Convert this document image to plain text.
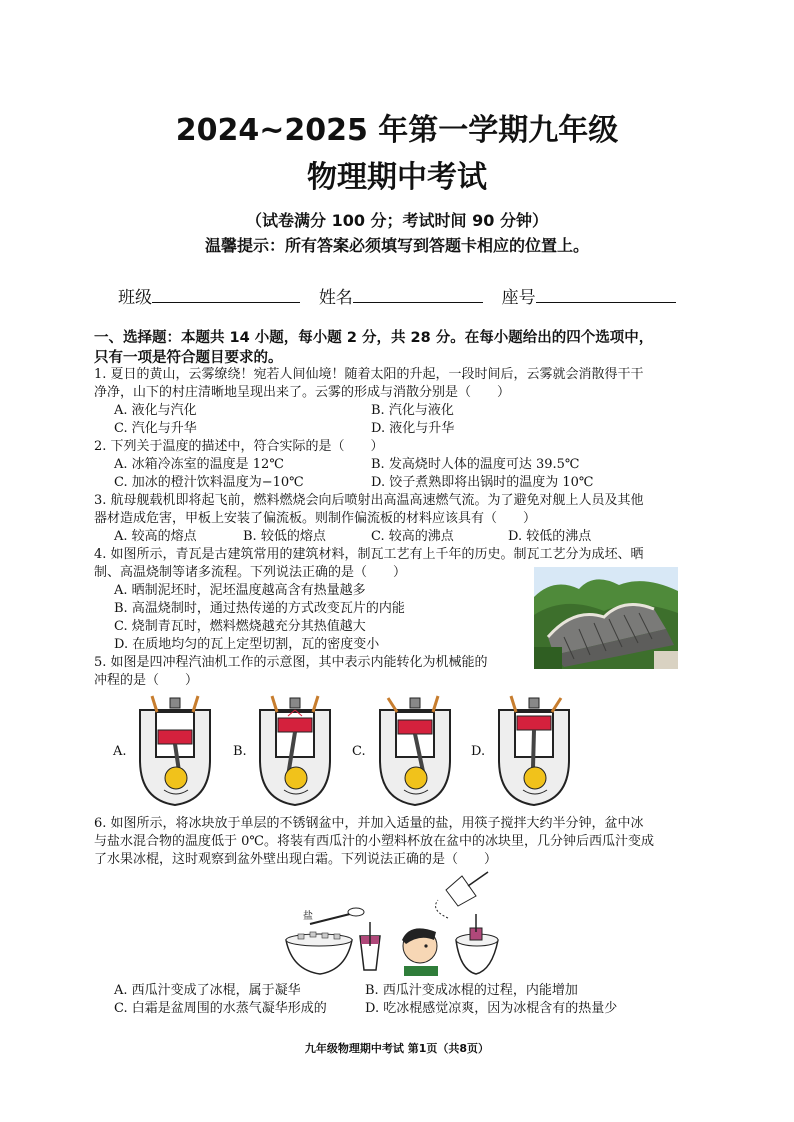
2024~2025 年第一学期九年级
物理期中考试
（试卷满分 100 分；考试时间 90 分钟）
温馨提示：所有答案必须填写到答题卡相应的位置上。
班级	姓名	座号
一、选择题：本题共 14 小题，每小题 2 分，共 28 分。在每小题给出的四个选项中，
只有一项是符合题目要求的。
1. 夏日的黄山，云雾缭绕！宛若人间仙境！随着太阳的升起，一段时间后，云雾就会消散得干干
净净，山下的村庄清晰地呈现出来了。云雾的形成与消散分别是（　　）
A. 液化与汽化	B. 汽化与液化
C. 汽化与升华	D. 液化与升华
2. 下列关于温度的描述中，符合实际的是（　　）
A. 冰箱冷冻室的温度是 12℃	B. 发高烧时人体的温度可达 39.5℃
C. 加冰的橙汁饮料温度为−10℃	D. 饺子煮熟即将出锅时的温度为 10℃
3. 航母舰载机即将起飞前，燃料燃烧会向后喷射出高温高速燃气流。为了避免对舰上人员及其他
器材造成危害，甲板上安装了偏流板。则制作偏流板的材料应该具有（　　）
A. 较高的熔点	B. 较低的熔点	C. 较高的沸点	D. 较低的沸点
4. 如图所示，青瓦是古建筑常用的建筑材料，制瓦工艺有上千年的历史。制瓦工艺分为成坯、晒
制、高温烧制等诸多流程。下列说法正确的是（　　）
A. 晒制泥坯时，泥坯温度越高含有热量越多
B. 高温烧制时，通过热传递的方式改变瓦片的内能
C. 烧制青瓦时，燃料燃烧越充分其热值越大
D. 在质地均匀的瓦上定型切割，瓦的密度变小
5. 如图是四冲程汽油机工作的示意图，其中表示内能转化为机械能的
冲程的是（　　）
A.	B.	C.	D.
6. 如图所示，将冰块放于单层的不锈钢盆中，并加入适量的盐，用筷子搅拌大约半分钟，盆中冰
与盐水混合物的温度低于 0℃。将装有西瓜汁的小塑料杯放在盆中的冰块里，几分钟后西瓜汁变成
了水果冰棍，这时观察到盆外壁出现白霜。下列说法正确的是（　　）
盐
A. 西瓜汁变成了冰棍，属于凝华	B. 西瓜汁变成冰棍的过程，内能增加
C. 白霜是盆周围的水蒸气凝华形成的	D. 吃冰棍感觉凉爽，因为冰棍含有的热量少
九年级物理期中考试 第1页（共8页）
